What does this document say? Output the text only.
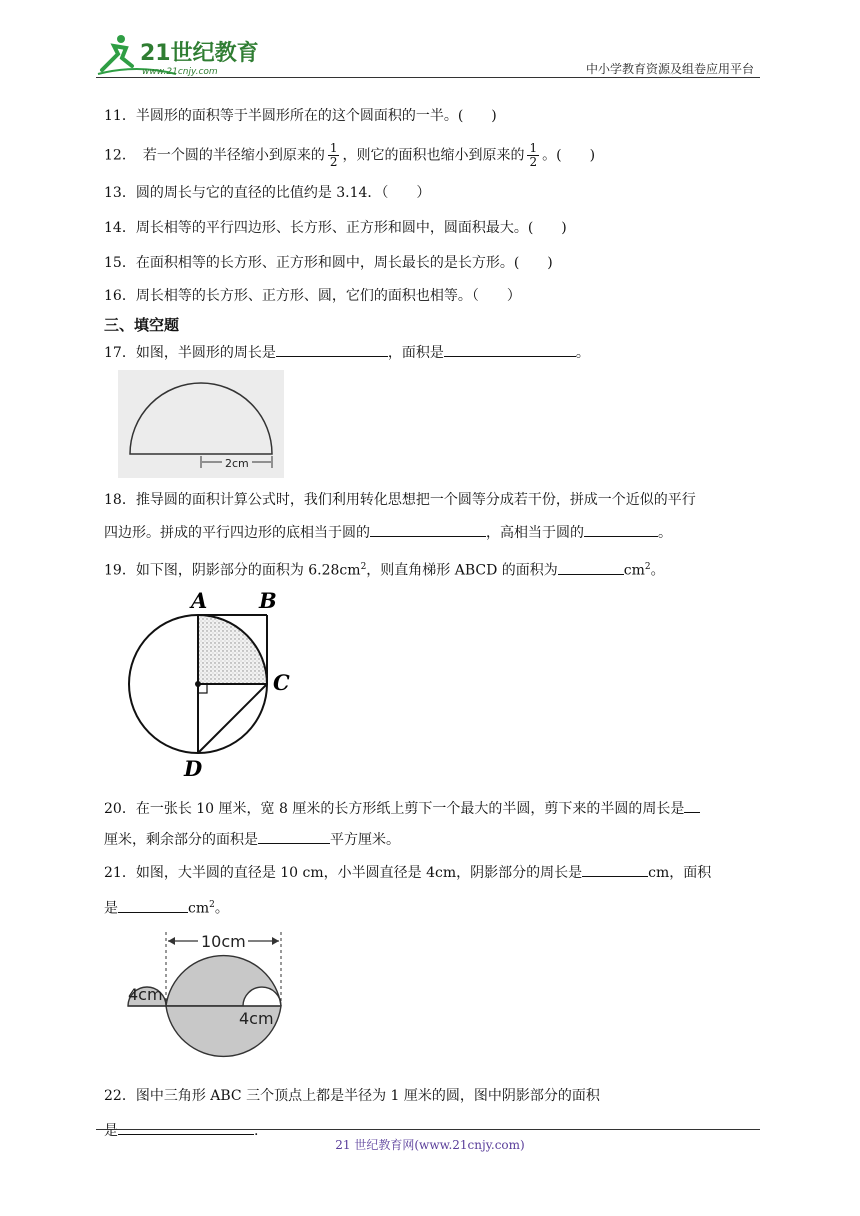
21世纪教育
www.21cnjy.com	中小学教育资源及组卷应用平台
11．半圆形的面积等于半圆形所在的这个圆面积的一半。(　　)
12．　若一个圆的半径缩小到原来的 $\frac{1}{2}$ ，则它的面积也缩小到原来的 $\frac{1}{2}$ 。(　　)
13．圆的周长与它的直径的比值约是 3.14．（　　）
14．周长相等的平行四边形、长方形、正方形和圆中，圆面积最大。(　　)
15．在面积相等的长方形、正方形和圆中，周长最长的是长方形。(　　)
16．周长相等的长方形、正方形、圆，它们的面积也相等。（　　）
三、填空题
17．如图，半圆形的周长是	，面积是	。
2cm
18．推导圆的面积计算公式时，我们利用转化思想把一个圆等分成若干份，拼成一个近似的平行
四边形。拼成的平行四边形的底相当于圆的	，高相当于圆的	。
19．如下图，阴影部分的面积为 $6.28cm^2$，则直角梯形 ABCD 的面积为	$cm^2$。
A B
C
D
20．在一张长 10 厘米，宽 8 厘米的长方形纸上剪下一个最大的半圆，剪下来的半圆的周长是
厘米，剩余部分的面积是	平方厘米。
21．如图，大半圆的直径是 10 cm，小半圆直径是 4cm，阴影部分的周长是	cm，面积
是	$cm^2$。
10cm
4cm
4cm
22．图中三角形 ABC 三个顶点上都是半径为 1 厘米的圆，图中阴影部分的面积
是	.
21 世纪教育网(www.21cnjy.com)
